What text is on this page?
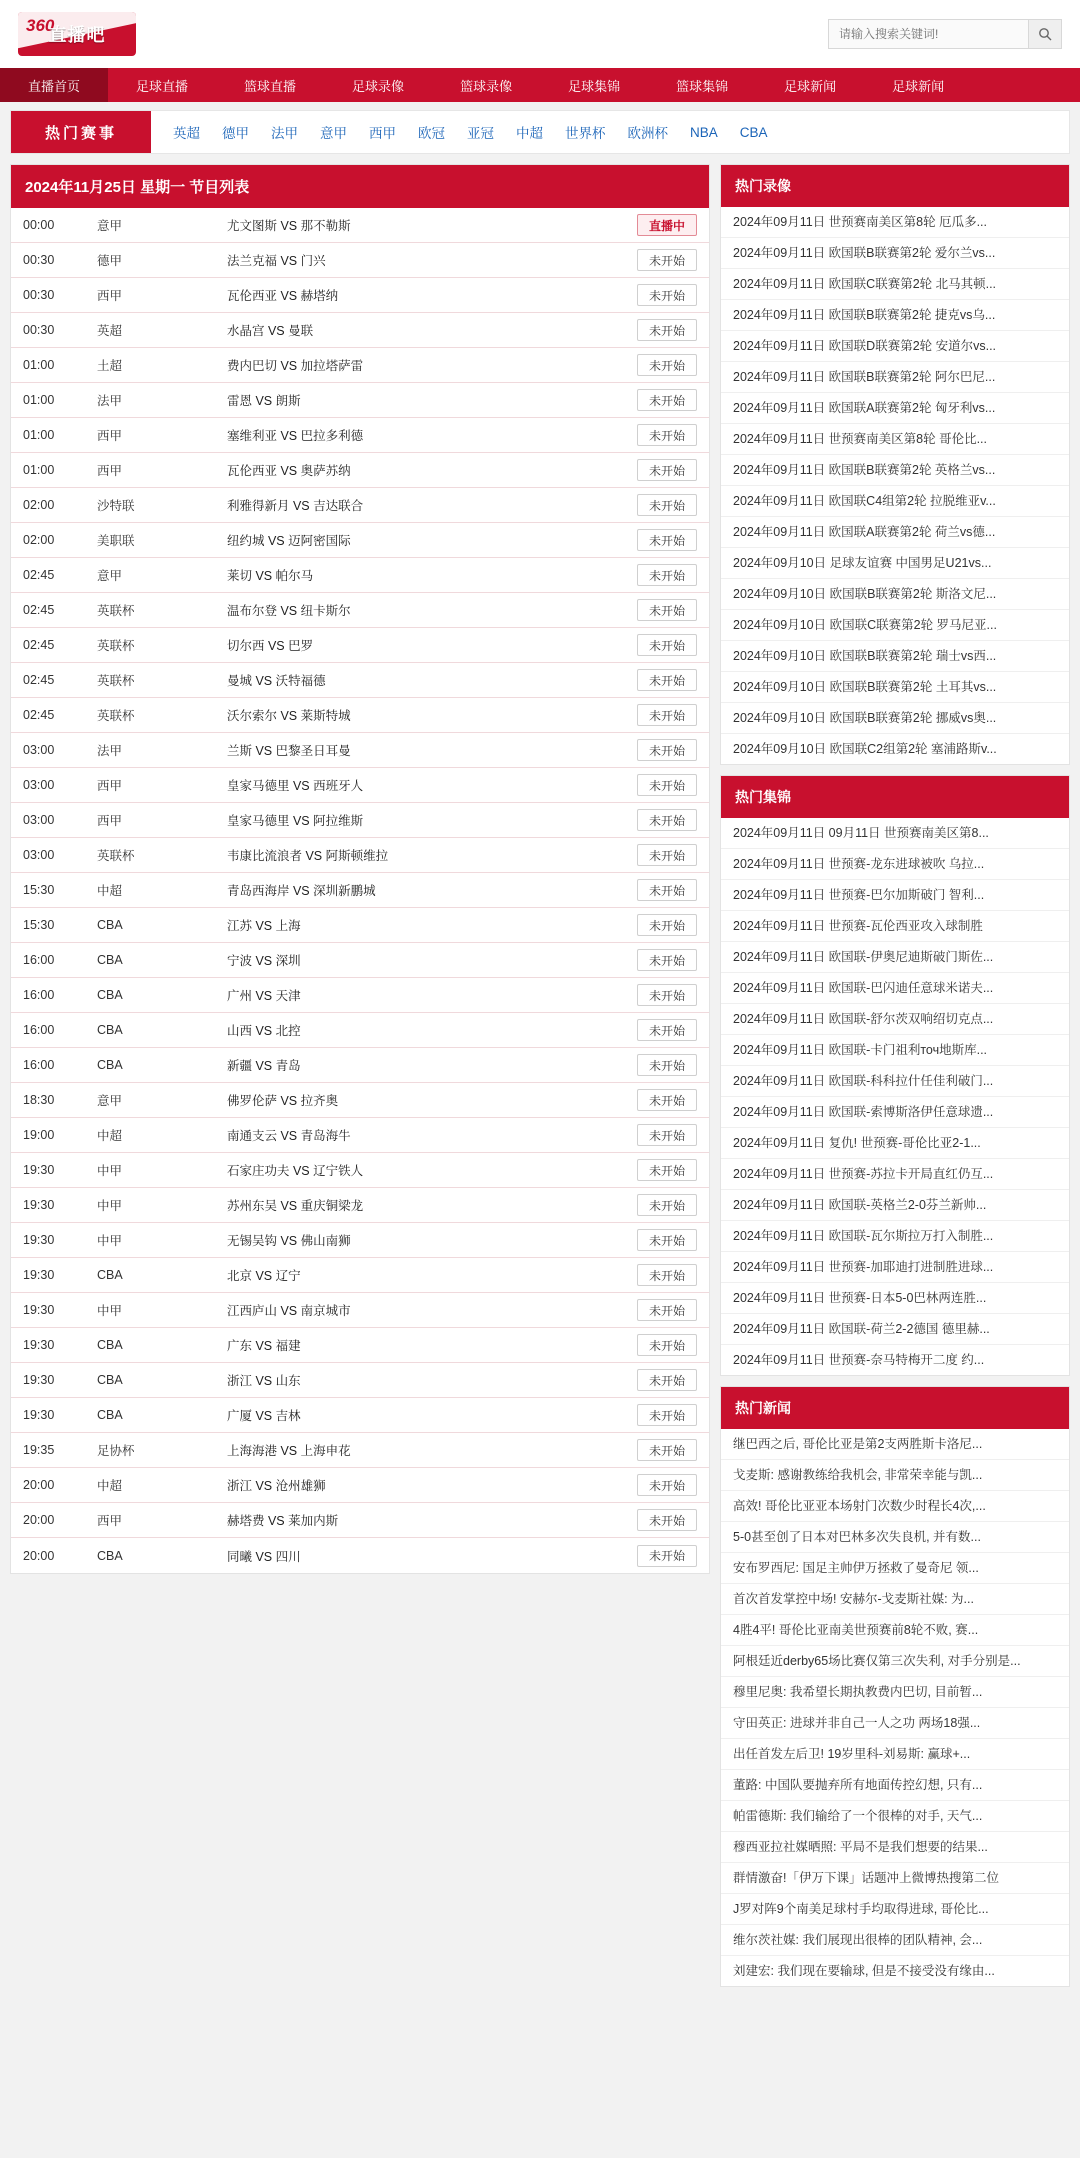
360
直播吧
请输入搜索关键词!
直播首页	足球直播	篮球直播	足球录像	篮球录像	足球集锦	篮球集锦	足球新闻	足球新闻
热门赛事	英超 德甲 法甲 意甲 西甲 欧冠 亚冠 中超 世界杯 欧洲杯 NBA CBA
2024年11月25日 星期一 节目列表
00:00	意甲	尤文图斯 VS 那不勒斯	直播中
00:30	德甲	法兰克福 VS 门兴	未开始
00:30	西甲	瓦伦西亚 VS 赫塔纳	未开始
00:30	英超	水晶宫 VS 曼联	未开始
01:00	土超	费内巴切 VS 加拉塔萨雷	未开始
01:00	法甲	雷恩 VS 朗斯	未开始
01:00	西甲	塞维利亚 VS 巴拉多利德	未开始
01:00	西甲	瓦伦西亚 VS 奥萨苏纳	未开始
02:00	沙特联	利雅得新月 VS 吉达联合	未开始
02:00	美职联	纽约城 VS 迈阿密国际	未开始
02:45	意甲	莱切 VS 帕尔马	未开始
02:45	英联杯	温布尔登 VS 纽卡斯尔	未开始
02:45	英联杯	切尔西 VS 巴罗	未开始
02:45	英联杯	曼城 VS 沃特福德	未开始
02:45	英联杯	沃尔索尔 VS 莱斯特城	未开始
03:00	法甲	兰斯 VS 巴黎圣日耳曼	未开始
03:00	西甲	皇家马德里 VS 西班牙人	未开始
03:00	西甲	皇家马德里 VS 阿拉维斯	未开始
03:00	英联杯	韦康比流浪者 VS 阿斯顿维拉	未开始
15:30	中超	青岛西海岸 VS 深圳新鹏城	未开始
15:30	CBA	江苏 VS 上海	未开始
16:00	CBA	宁波 VS 深圳	未开始
16:00	CBA	广州 VS 天津	未开始
16:00	CBA	山西 VS 北控	未开始
16:00	CBA	新疆 VS 青岛	未开始
18:30	意甲	佛罗伦萨 VS 拉齐奥	未开始
19:00	中超	南通支云 VS 青岛海牛	未开始
19:30	中甲	石家庄功夫 VS 辽宁铁人	未开始
19:30	中甲	苏州东吴 VS 重庆铜梁龙	未开始
19:30	中甲	无锡吴钩 VS 佛山南狮	未开始
19:30	CBA	北京 VS 辽宁	未开始
19:30	中甲	江西庐山 VS 南京城市	未开始
19:30	CBA	广东 VS 福建	未开始
19:30	CBA	浙江 VS 山东	未开始
19:30	CBA	广厦 VS 吉林	未开始
19:35	足协杯	上海海港 VS 上海申花	未开始
20:00	中超	浙江 VS 沧州雄狮	未开始
20:00	西甲	赫塔费 VS 莱加内斯	未开始
20:00	CBA	同曦 VS 四川	未开始
热门录像
2024年09月11日 世预赛南美区第8轮 厄瓜多...
2024年09月11日 欧国联B联赛第2轮 爱尔兰vs...
2024年09月11日 欧国联C联赛第2轮 北马其顿...
2024年09月11日 欧国联B联赛第2轮 捷克vs乌...
2024年09月11日 欧国联D联赛第2轮 安道尔vs...
2024年09月11日 欧国联B联赛第2轮 阿尔巴尼...
2024年09月11日 欧国联A联赛第2轮 匈牙利vs...
2024年09月11日 世预赛南美区第8轮 哥伦比...
2024年09月11日 欧国联B联赛第2轮 英格兰vs...
2024年09月11日 欧国联C4组第2轮 拉脱维亚v...
2024年09月11日 欧国联A联赛第2轮 荷兰vs德...
2024年09月10日 足球友谊赛 中国男足U21vs...
2024年09月10日 欧国联B联赛第2轮 斯洛文尼...
2024年09月10日 欧国联C联赛第2轮 罗马尼亚...
2024年09月10日 欧国联B联赛第2轮 瑞士vs西...
2024年09月10日 欧国联B联赛第2轮 土耳其vs...
2024年09月10日 欧国联B联赛第2轮 挪威vs奥...
2024年09月10日 欧国联C2组第2轮 塞浦路斯v...
热门集锦
2024年09月11日 09月11日 世预赛南美区第8...
2024年09月11日 世预赛-龙东进球被吹 乌拉...
2024年09月11日 世预赛-巴尔加斯破门 智利...
2024年09月11日 世预赛-瓦伦西亚攻入球制胜
2024年09月11日 欧国联-伊奥尼迪斯破门斯佐...
2024年09月11日 欧国联-巴闪迪任意球米诺夫...
2024年09月11日 欧国联-舒尔茨双响绍切克点...
2024年09月11日 欧国联-卡门祖利точ地斯库...
2024年09月11日 欧国联-科科拉什任佳利破门...
2024年09月11日 欧国联-索博斯洛伊任意球遗...
2024年09月11日 复仇! 世预赛-哥伦比亚2-1...
2024年09月11日 世预赛-苏拉卡开局直红仍互...
2024年09月11日 欧国联-英格兰2-0芬兰新帅...
2024年09月11日 欧国联-瓦尔斯拉万打入制胜...
2024年09月11日 世预赛-加耶迪打进制胜进球...
2024年09月11日 世预赛-日本5-0巴林两连胜...
2024年09月11日 欧国联-荷兰2-2德国 德里赫...
2024年09月11日 世预赛-奈马特梅开二度 约...
热门新闻
继巴西之后, 哥伦比亚是第2支两胜斯卡洛尼...
戈麦斯: 感谢教练给我机会, 非常荣幸能与凯...
高效! 哥伦比亚亚本场射门次数少时程长4次,...
5-0甚至创了日本对巴林多次失良机, 并有数...
安布罗西尼: 国足主帅伊万拯救了曼奇尼 领...
首次首发掌控中场! 安赫尔-戈麦斯社媒: 为...
4胜4平! 哥伦比亚南美世预赛前8轮不败, 赛...
阿根廷近derby65场比赛仅第三次失利, 对手分别是...
穆里尼奥: 我希望长期执教费内巴切, 目前暂...
守田英正: 进球并非自己一人之功 两场18强...
出任首发左后卫! 19岁里科-刘易斯: 赢球+...
董路: 中国队要抛弃所有地面传控幻想, 只有...
帕雷德斯: 我们输给了一个很棒的对手, 天气...
穆西亚拉社媒晒照: 平局不是我们想要的结果...
群情激奋!「伊万下课」话题冲上微博热搜第二位
J罗对阵9个南美足球村手均取得进球, 哥伦比...
维尔茨社媒: 我们展现出很棒的团队精神, 会...
刘建宏: 我们现在要输球, 但是不接受没有缘由...
